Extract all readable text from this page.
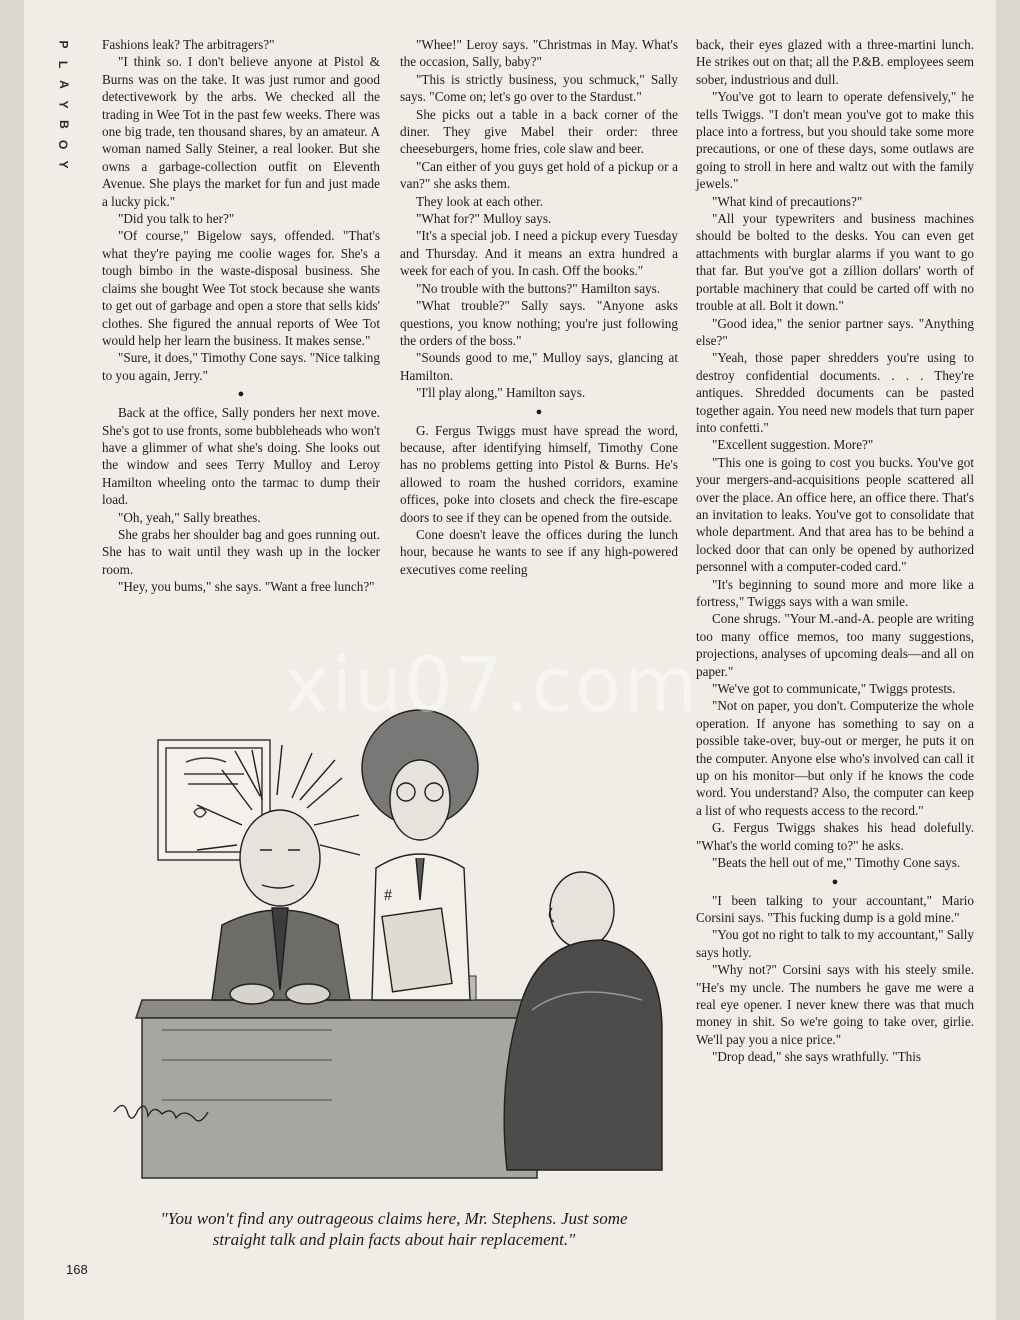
P
L
A
Y
B
O
Y

Fashions leak? The arbitragers?"

"I think so. I don't believe anyone at Pistol & Burns was on the take. It was just rumor and good detectivework by the arbs. We checked all the trading in Wee Tot in the past few weeks. There was one big trade, ten thousand shares, by an amateur. A woman named Sally Steiner, a real looker. But she owns a garbage-collection outfit on Eleventh Avenue. She plays the market for fun and just made a lucky pick."

"Did you talk to her?"

"Of course," Bigelow says, offended. "That's what they're paying me coolie wages for. She's a tough bimbo in the waste-disposal business. She claims she bought Wee Tot stock because she wants to get out of garbage and open a store that sells kids' clothes. She figured the annual reports of Wee Tot would help her learn the business. It makes sense."

"Sure, it does," Timothy Cone says. "Nice talking to you again, Jerry."

●

Back at the office, Sally ponders her next move. She's got to use fronts, some bubbleheads who won't have a glimmer of what she's doing. She looks out the window and sees Terry Mulloy and Leroy Hamilton wheeling onto the tarmac to dump their load.

"Oh, yeah," Sally breathes.

She grabs her shoulder bag and goes running out. She has to wait until they wash up in the locker room.

"Hey, you bums," she says. "Want a free lunch?"

"Whee!" Leroy says. "Christmas in May. What's the occasion, Sally, baby?"

"This is strictly business, you schmuck," Sally says. "Come on; let's go over to the Stardust."

She picks out a table in a back corner of the diner. They give Mabel their order: three cheeseburgers, home fries, cole slaw and beer.

"Can either of you guys get hold of a pickup or a van?" she asks them.

They look at each other.

"What for?" Mulloy says.

"It's a special job. I need a pickup every Tuesday and Thursday. And it means an extra hundred a week for each of you. In cash. Off the books."

"No trouble with the buttons?" Hamilton says.

"What trouble?" Sally says. "Anyone asks questions, you know nothing; you're just following the orders of the boss."

"Sounds good to me," Mulloy says, glancing at Hamilton.

"I'll play along," Hamilton says.

●

G. Fergus Twiggs must have spread the word, because, after identifying himself, Timothy Cone has no problems getting into Pistol & Burns. He's allowed to roam the hushed corridors, examine offices, poke into closets and check the fire-escape doors to see if they can be opened from the outside.

Cone doesn't leave the offices during the lunch hour, because he wants to see if any high-powered executives come reeling

back, their eyes glazed with a three-martini lunch. He strikes out on that; all the P.&B. employees seem sober, industrious and dull.

"You've got to learn to operate defensively," he tells Twiggs. "I don't mean you've got to make this place into a fortress, but you should take some more precautions, or one of these days, some outlaws are going to stroll in here and waltz out with the family jewels."

"What kind of precautions?"

"All your typewriters and business machines should be bolted to the desks. You can even get attachments with burglar alarms if you want to go that far. But you've got a zillion dollars' worth of portable machinery that could be carted off with no trouble at all. Bolt it down."

"Good idea," the senior partner says. "Anything else?"

"Yeah, those paper shredders you're using to destroy confidential documents. . . . They're antiques. Shredded documents can be pasted together again. You need new models that turn paper into confetti."

"Excellent suggestion. More?"

"This one is going to cost you bucks. You've got your mergers-and-acquisitions people scattered all over the place. An office here, an office there. That's an invitation to leaks. You've got to consolidate that whole department. And that area has to be behind a locked door that can only be opened by authorized personnel with a computer-coded card."

"It's beginning to sound more and more like a fortress," Twiggs says with a wan smile.

Cone shrugs. "Your M.-and-A. people are writing too many office memos, too many suggestions, projections, analyses of upcoming deals—and all on paper."

"We've got to communicate," Twiggs protests.

"Not on paper, you don't. Computerize the whole operation. If anyone has something to say on a possible take-over, buy-out or merger, he puts it on the computer. Anyone else who's involved can call it up on his monitor—but only if he knows the code word. You understand? Also, the computer can keep a list of who requests access to the record."

G. Fergus Twiggs shakes his head dolefully. "What's the world coming to?" he asks.

"Beats the hell out of me," Timothy Cone says.

●

"I been talking to your accountant," Mario Corsini says. "This fucking dump is a gold mine."

"You got no right to talk to my accountant," Sally says hotly.

"Why not?" Corsini says with his steely smile. "He's my uncle. The numbers he gave me were a real eye opener. I never knew there was that much money in shit. So we're going to take over, girlie. We'll pay you a nice price."

"Drop dead," she says wrathfully. "This

#
"You won't find any outrageous claims here, Mr. Stephens. Just some straight talk and plain facts about hair replacement."
168
xiu07.com
